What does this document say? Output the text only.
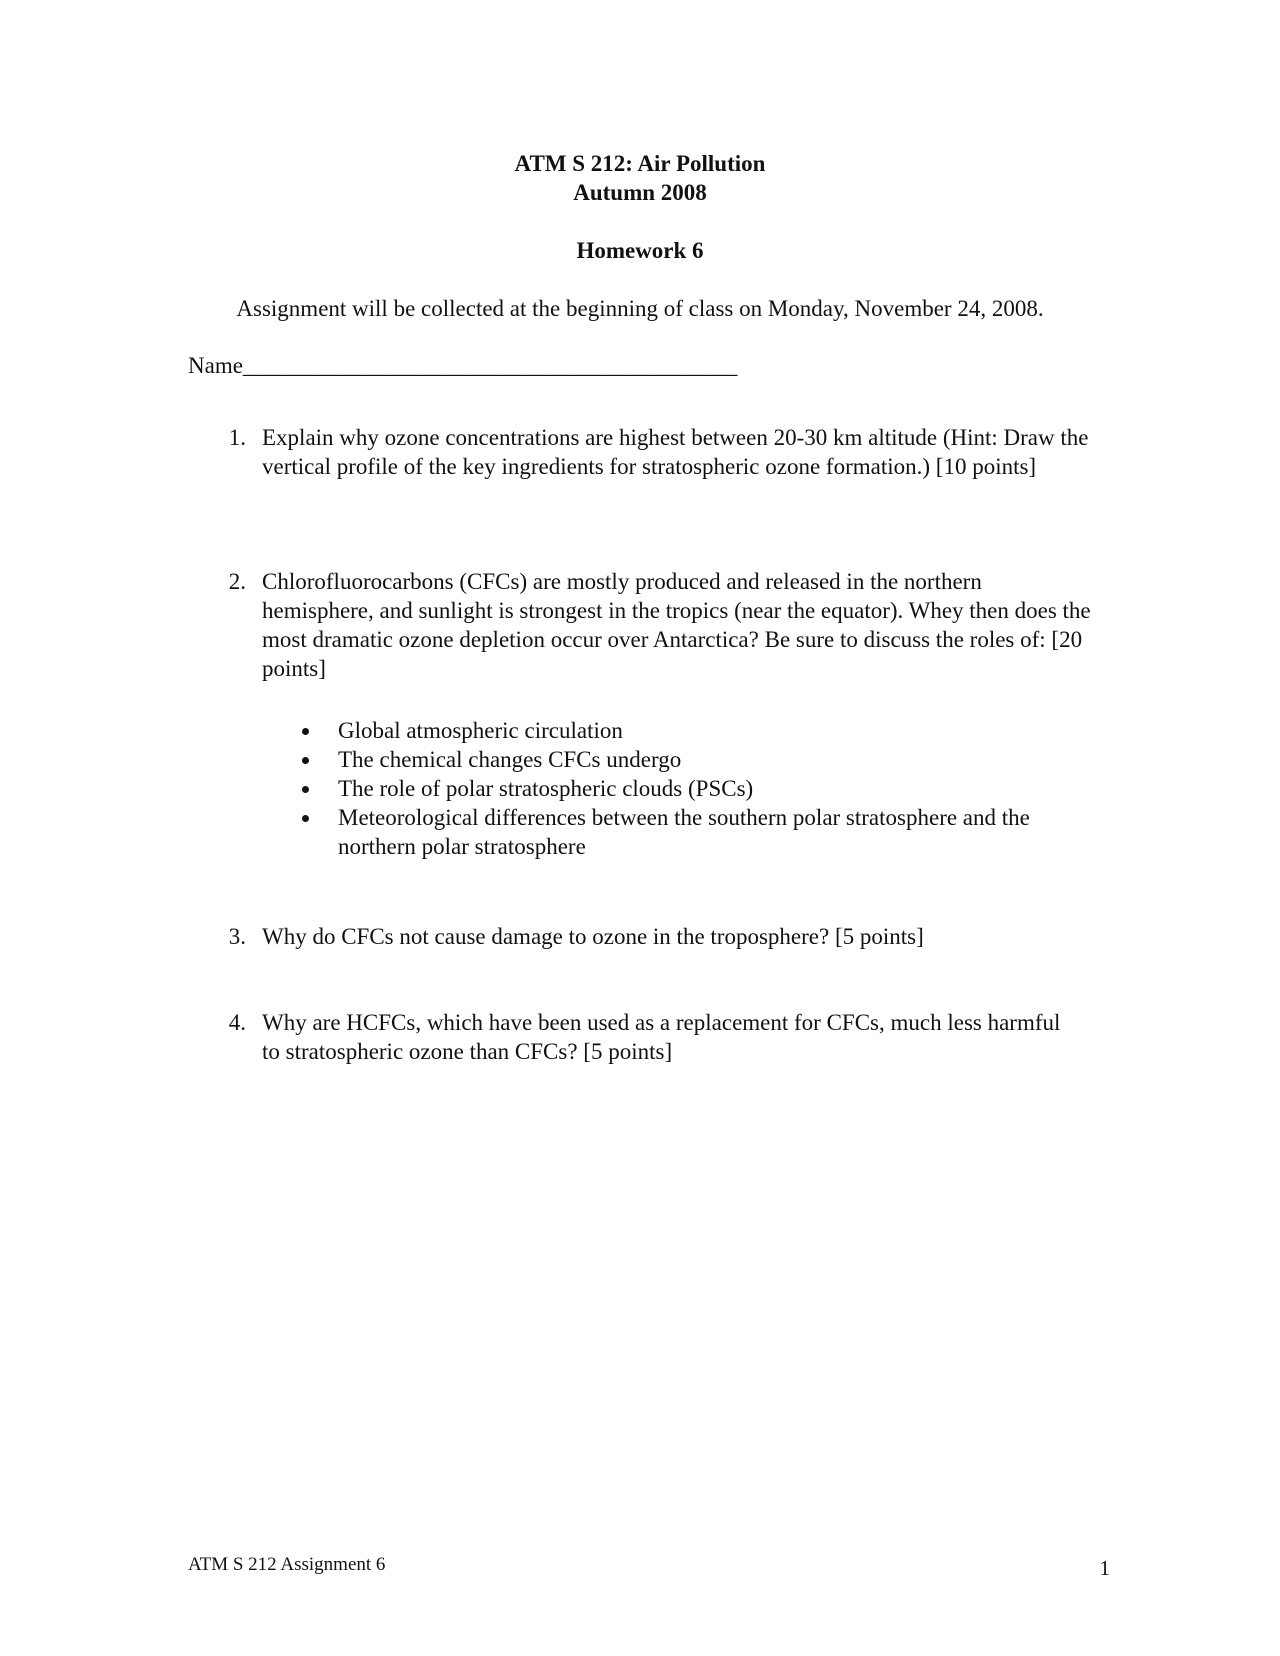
ATM S 212: Air Pollution
Autumn 2008
Homework 6
Assignment will be collected at the beginning of class on Monday, November 24, 2008.
Name___________________________________________
1. Explain why ozone concentrations are highest between 20-30 km altitude (Hint: Draw the vertical profile of the key ingredients for stratospheric ozone formation.) [10 points]
2. Chlorofluorocarbons (CFCs) are mostly produced and released in the northern hemisphere, and sunlight is strongest in the tropics (near the equator). Whey then does the most dramatic ozone depletion occur over Antarctica? Be sure to discuss the roles of: [20 points]
Global atmospheric circulation
The chemical changes CFCs undergo
The role of polar stratospheric clouds (PSCs)
Meteorological differences between the southern polar stratosphere and the northern polar stratosphere
3. Why do CFCs not cause damage to ozone in the troposphere? [5 points]
4. Why are HCFCs, which have been used as a replacement for CFCs, much less harmful to stratospheric ozone than CFCs? [5 points]
ATM S 212 Assignment 6	1
